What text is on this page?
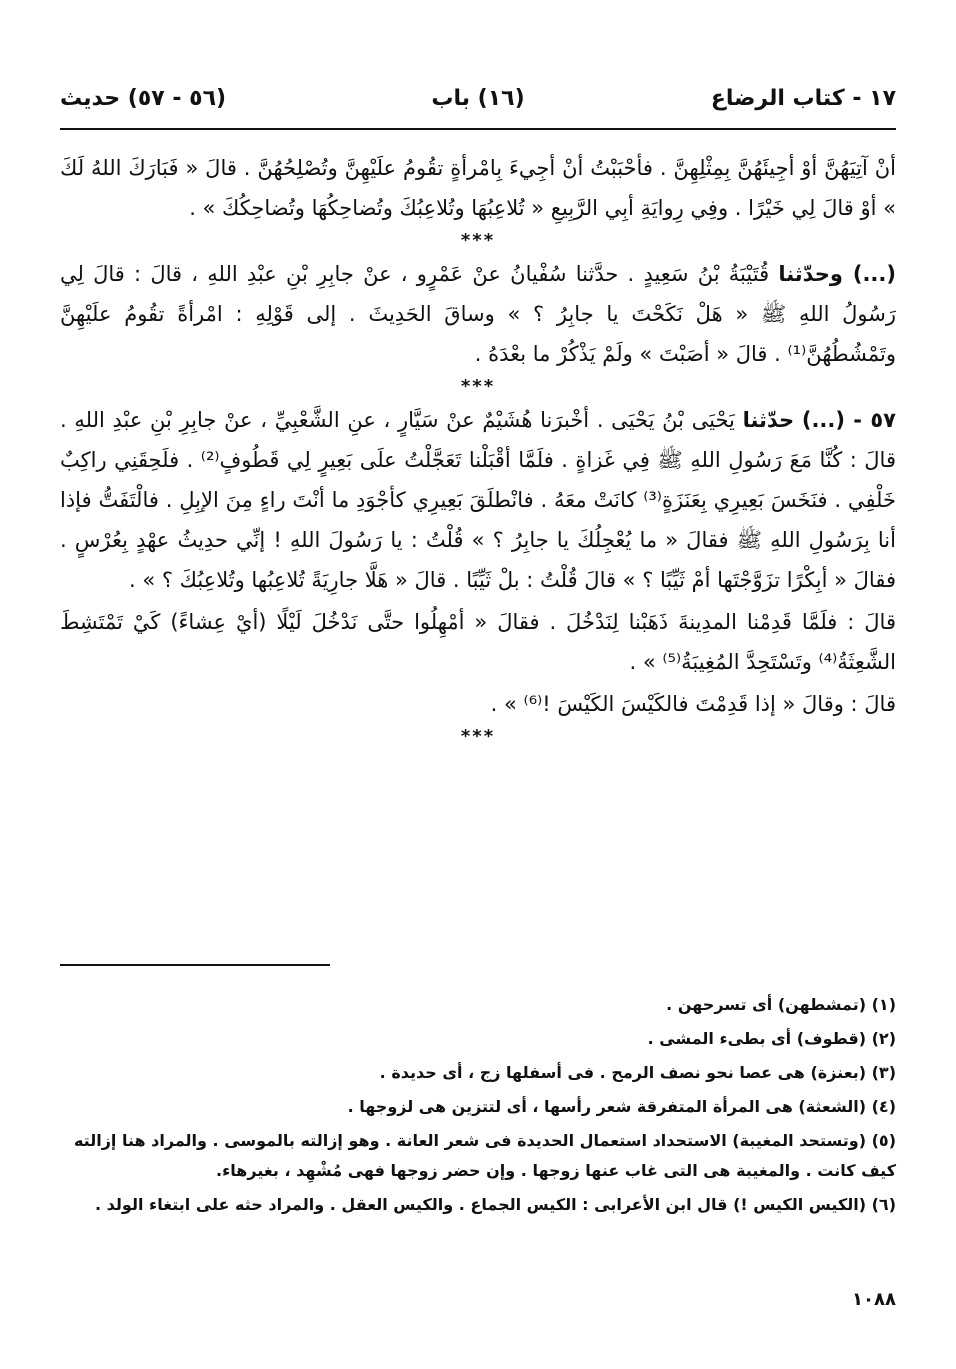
١٧ - كتاب الرضاع
(١٦) باب
(٥٦ - ٥٧) حديث

أنْ آتِيَهُنَّ أوْ أجِيئَهُنَّ بِمِثْلِهِنَّ . فأحْبَبْتُ أنْ أجِيءَ بِامْرأةٍ تقُومُ علَيْهِنَّ وتُصْلِحُهُنَّ . قالَ « فَبَارَكَ اللهُ لَكَ » أوْ قالَ لِي خَيْرًا . وفِي رِوايَةِ أبِي الرَّبِيعِ « تُلاعِبُهَا وتُلاعِبُكَ وتُضاحِكُهَا وتُضاحِكُكَ » .

***

(...) وحدّثنا قُتَيْبَةُ بْنُ سَعِيدٍ . حدَّثنا سُفْيانُ عنْ عَمْرٍو ، عنْ جابِرِ بْنِ عبْدِ اللهِ ، قالَ : قالَ لِي رَسُولُ اللهِ ﷺ « هَلْ نَكَحْتَ يا جابِرُ ؟ » وساقَ الحَدِيثَ . إلى قَوْلِهِ : امْرأةً تقُومُ علَيْهِنَّ وتَمْشُطُهُنَّ⁽¹⁾ . قالَ « أصَبْتَ » ولَمْ يَذْكُرْ ما بعْدَهُ .

***

٥٧ - (...) حدّثنا يَحْيَى بْنُ يَحْيَى . أخْبرَنا هُشَيْمٌ عنْ سَيَّارٍ ، عنِ الشَّعْبِيِّ ، عنْ جابِرِ بْنِ عبْدِ اللهِ . قالَ : كُنَّا مَعَ رَسُولِ اللهِ ﷺ فِي غَزاةٍ . فلَمَّا أقْبَلْنا تَعَجَّلْتُ علَى بَعِيرٍ لِي قَطُوفٍ⁽²⁾ . فلَحِقَنِي راكِبٌ خَلْفِي . فنَخَسَ بَعِيرِي بِعَنَزَةٍ⁽³⁾ كانَتْ معَهُ . فانْطلَقَ بَعِيرِي كأجْوَدِ ما أنْتَ راءٍ مِنَ الإبِلِ . فالْتَفَتُّ فإذا أنا بِرَسُولِ اللهِ ﷺ فقالَ « ما يُعْجِلُكَ يا جابِرُ ؟ » قُلْتُ : يا رَسُولَ اللهِ ! إنِّي حدِيثُ عهْدٍ بِعُرْسٍ . فقالَ « أبِكْرًا تزَوَّجْتَها أمْ ثَيِّبًا ؟ » قالَ قُلْتُ : بلْ ثَيِّبًا . قالَ « هَلَّا جارِيَةً تُلاعِبُها وتُلاعِبُكَ ؟ » .

قالَ : فلَمَّا قَدِمْنا المدِينةَ ذَهَبْنا لِنَدْخُلَ . فقالَ « أمْهِلُوا حتَّى نَدْخُلَ لَيْلًا (أيْ عِشاءً) كَيْ تَمْتَشِطَ الشَّعِثَةُ⁽⁴⁾ وتَسْتَحِدَّ المُغِيبَةُ⁽⁵⁾ » .

قالَ : وقالَ « إذا قَدِمْتَ فالكَيْسَ الكَيْسَ !⁽⁶⁾ » .

***

(١) (تمشطهن) أى تسرحهن .

(٢) (قطوف) أى بطىء المشى .

(٣) (بعنزة) هى عصا نحو نصف الرمح . فى أسفلها زج ، أى حديدة .

(٤) (الشعثة) هى المرأة المتفرقة شعر رأسها ، أى لتتزين هى لزوجها .

(٥) (وتستحد المغيبة) الاستحداد استعمال الحديدة فى شعر العانة . وهو إزالته بالموسى . والمراد هنا إزالته كيف كانت . والمغيبة هى التى غاب عنها زوجها . وإن حضر زوجها فهى مُشْهِد ، بغيرهاء.

(٦) (الكيس الكيس !) قال ابن الأعرابى : الكيس الجماع . والكيس العقل . والمراد حثه على ابتغاء الولد .

١٠٨٨
